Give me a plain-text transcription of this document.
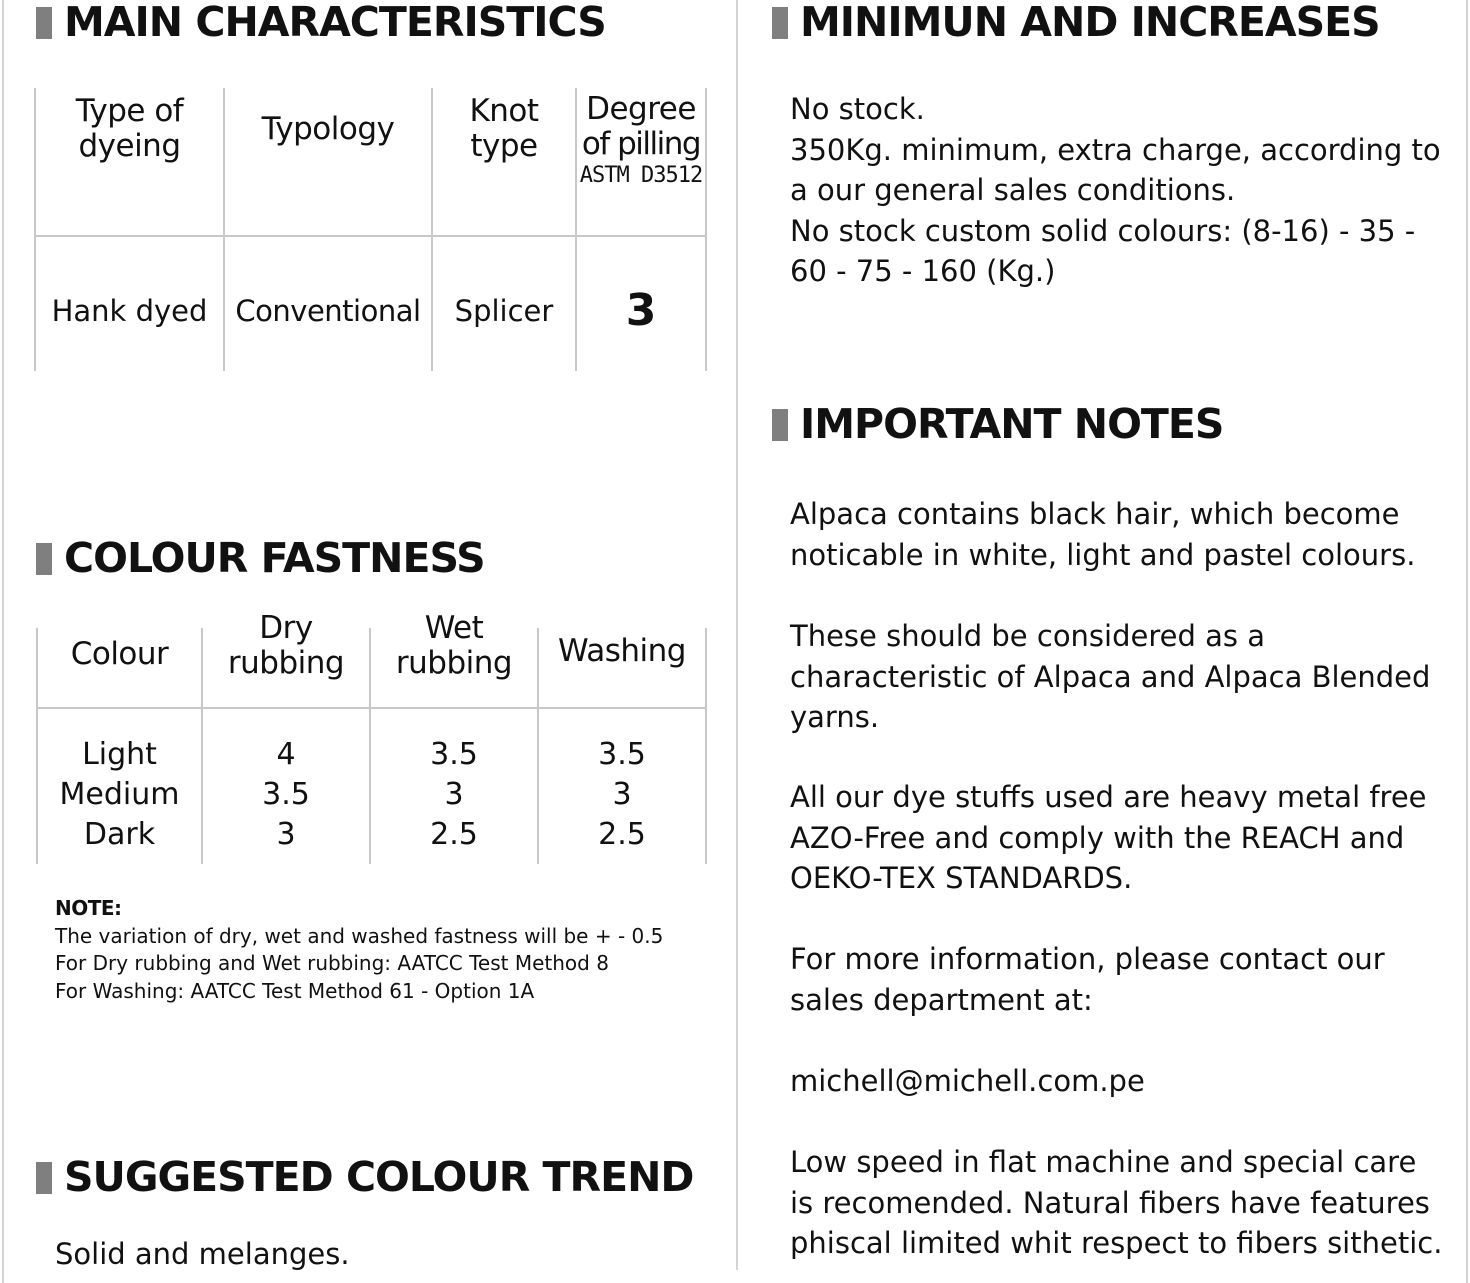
MAIN CHARACTERISTICS
Type of
dyeing	Typology Knot
type
Degree
of pilling
ASTM D3512
Hank dyed Conventional Splicer 3
COLOUR FASTNESS
Colour
Dry
rubbing
Wet
rubbing Washing
Light
Medium
Dark
4
3.5
3
3.5
3
2.5
3.5
3
2.5
NOTE:
The variation of dry, wet and washed fastness will be + - 0.5
For Dry rubbing and Wet rubbing: AATCC Test Method 8
For Washing: AATCC Test Method 61 - Option 1A
SUGGESTED COLOUR TREND
Solid and melanges.
MINIMUN AND INCREASES
No stock.
350Kg. minimum, extra charge, according to
a our general sales conditions.
No stock custom solid colours: (8-16) - 35 -
60 - 75 - 160 (Kg.)
IMPORTANT NOTES
Alpaca contains black hair, which become
noticable in white, light and pastel colours.
These should be considered as a
characteristic of Alpaca and Alpaca Blended
yarns.
All our dye stuffs used are heavy metal free
AZO-Free and comply with the REACH and
OEKO-TEX STANDARDS.
For more information, please contact our
sales department at:
michell@michell.com.pe
Low speed in flat machine and special care
is recomended. Natural fibers have features
phiscal limited whit respect to fibers sithetic.
